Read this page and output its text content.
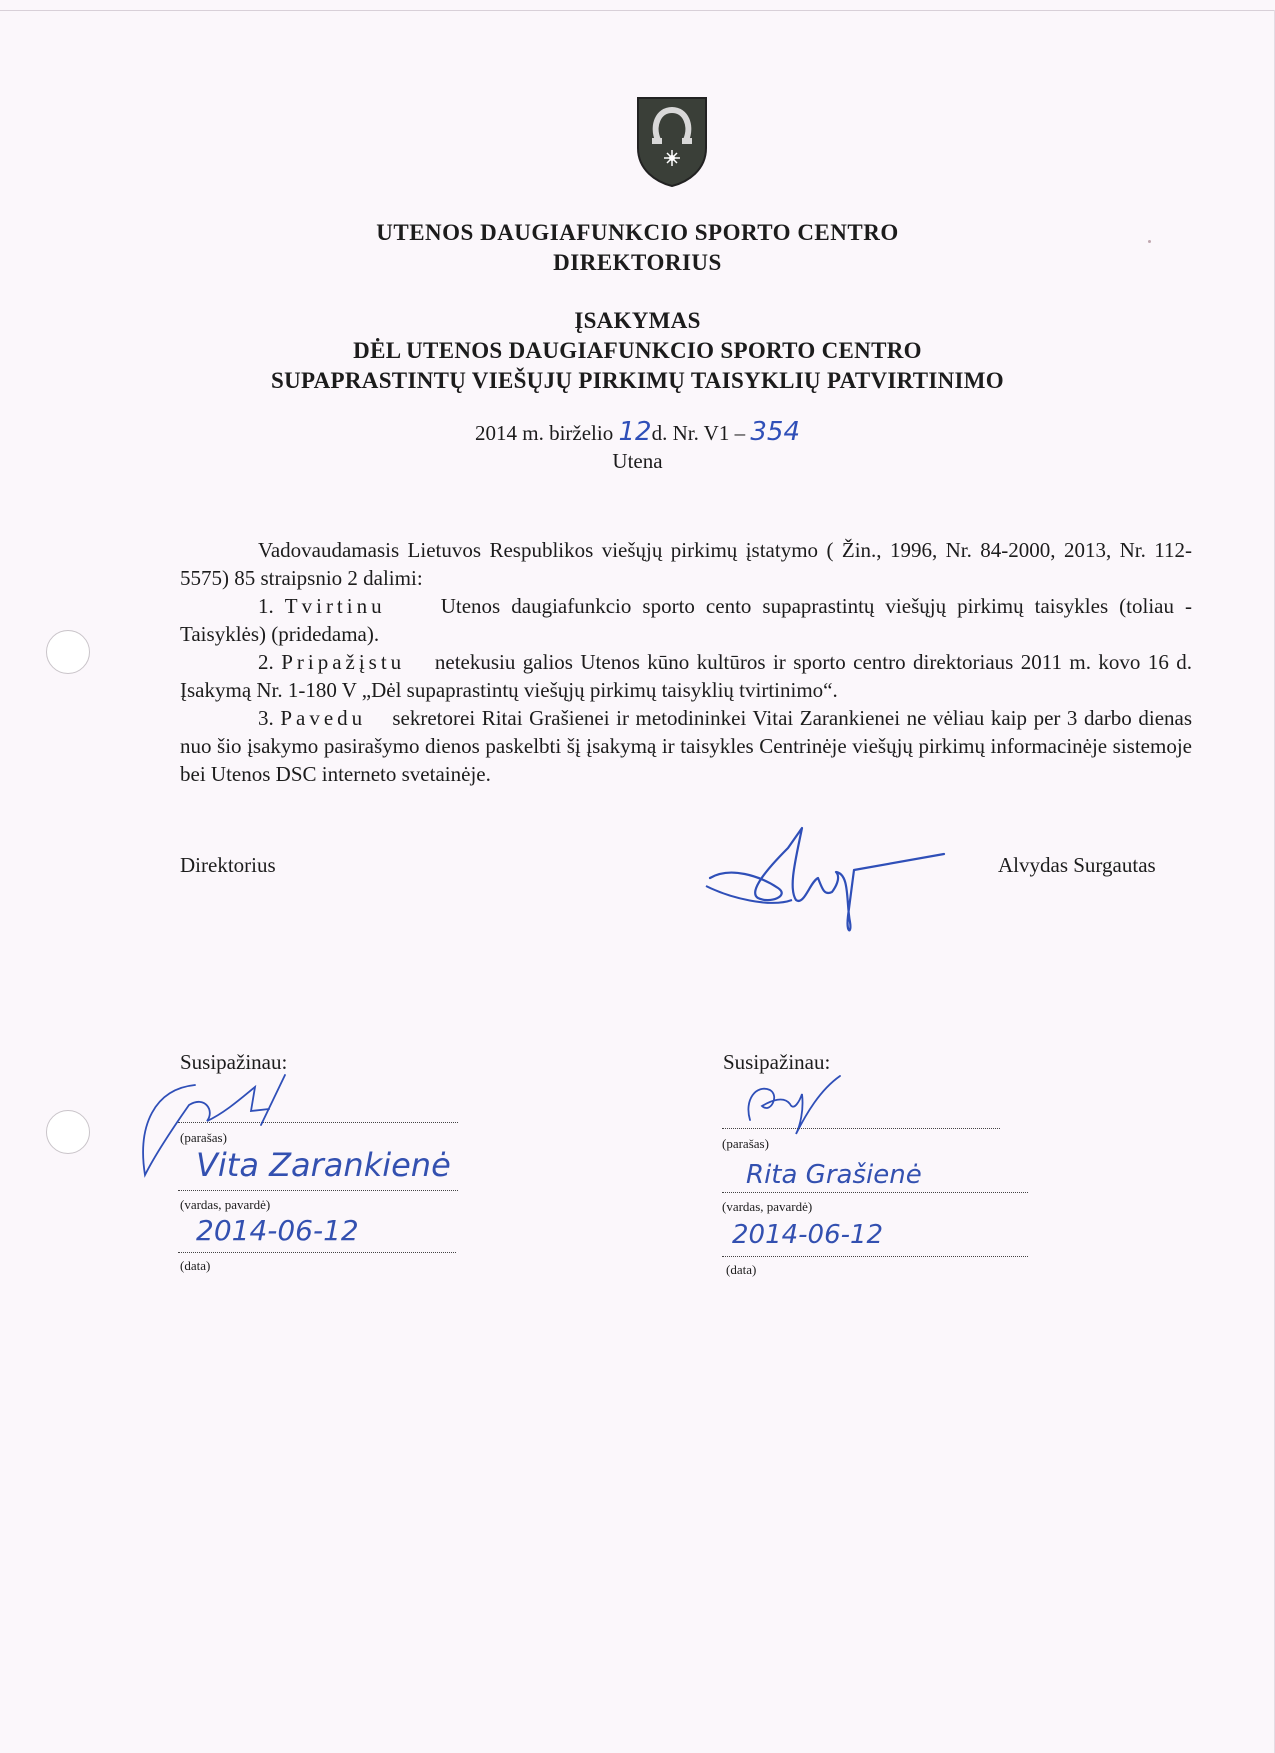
UTENOS DAUGIAFUNKCIO SPORTO CENTRO
DIREKTORIUS
ĮSAKYMAS
DĖL UTENOS DAUGIAFUNKCIO SPORTO CENTRO
SUPAPRASTINTŲ VIEŠŲJŲ PIRKIMŲ TAISYKLIŲ PATVIRTINIMO
2014 m. birželio 12d. Nr. V1 – 354
Utena
Vadovaudamasis Lietuvos Respublikos viešųjų pirkimų įstatymo ( Žin., 1996, Nr. 84-2000, 2013, Nr. 112-5575) 85 straipsnio 2 dalimi:
1. Tvirtinu	Utenos daugiafunkcio sporto cento supaprastintų viešųjų pirkimų taisykles (toliau - Taisyklės) (pridedama).
2. Pripažįstu netekusiu galios Utenos kūno kultūros ir sporto centro direktoriaus 2011 m. kovo 16 d. Įsakymą Nr. 1-180 V „Dėl supaprastintų viešųjų pirkimų taisyklių tvirtinimo“.
3. Pavedu sekretorei Ritai Grašienei ir metodininkei Vitai Zarankienei ne vėliau kaip per 3 darbo dienas nuo šio įsakymo pasirašymo dienos paskelbti šį įsakymą ir taisykles Centrinėje viešųjų pirkimų informacinėje sistemoje bei Utenos DSC interneto svetainėje.
Direktorius	Alvydas Surgautas
Susipažinau:
(parašas)
Vita Zarankienė
(vardas, pavardė)
2014-06-12
(data)
Susipažinau:
(parašas)
Rita Grašienė
(vardas, pavardė)
2014-06-12
(data)
